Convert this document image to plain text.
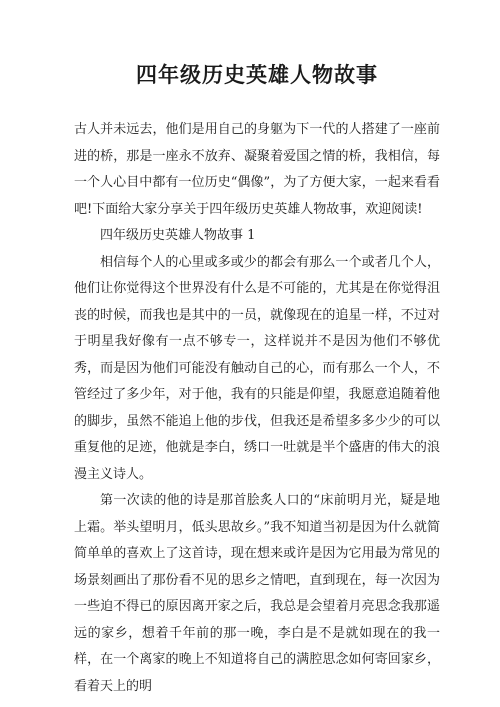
四年级历史英雄人物故事

古人并未远去，他们是用自己的身躯为下一代的人搭建了一座前进的桥，那是一座永不放弃、凝聚着爱国之情的桥，我相信，每一个人心目中都有一位历史“偶像”，为了方便大家，一起来看看吧!下面给大家分享关于四年级历史英雄人物故事，欢迎阅读!

四年级历史英雄人物故事 1

相信每个人的心里或多或少的都会有那么一个或者几个人，他们让你觉得这个世界没有什么是不可能的，尤其是在你觉得沮丧的时候，而我也是其中的一员，就像现在的追星一样，不过对于明星我好像有一点不够专一，这样说并不是因为他们不够优秀，而是因为他们可能没有触动自己的心，而有那么一个人，不管经过了多少年，对于他，我有的只能是仰望，我愿意追随着他的脚步，虽然不能追上他的步伐，但我还是希望多多少少的可以重复他的足迹，他就是李白，绣口一吐就是半个盛唐的伟大的浪漫主义诗人。

第一次读的他的诗是那首脍炙人口的“床前明月光，疑是地上霜。举头望明月，低头思故乡。”我不知道当初是因为什么就简简单单的喜欢上了这首诗，现在想来或许是因为它用最为常见的场景刻画出了那份看不见的思乡之情吧，直到现在，每一次因为一些迫不得已的原因离开家之后，我总是会望着月亮思念我那遥远的家乡，想着千年前的那一晚，李白是不是就如现在的我一样，在一个离家的晚上不知道将自己的满腔思念如何寄回家乡，看着天上的明
